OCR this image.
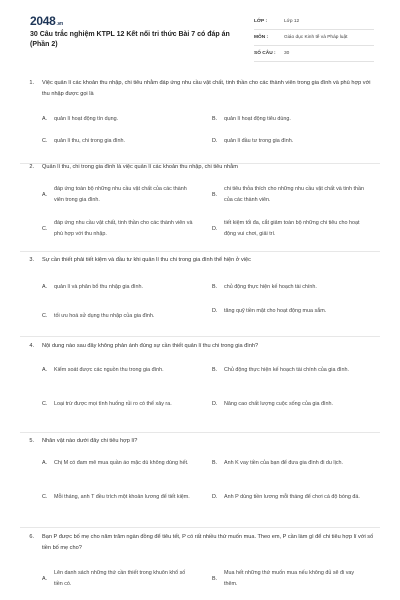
2048.vn
30 Câu trắc nghiệm KTPL 12 Kết nối tri thức Bài 7 có đáp án (Phần 2)
LỚP :	Lớp 12
MÔN :	Giáo dục Kinh tế và Pháp luật
SỐ CÂU :	30
1. Việc quản lí các khoản thu nhập, chi tiêu nhằm đáp ứng nhu cầu vật chất, tinh thần cho các thành viên trong gia đình và phù hợp với thu nhập được gọi là
A.	quản lí hoạt động tín dụng.	B.	quản lí hoạt động tiêu dùng.
C.	quản lí thu, chi trong gia đình.	D.	quản lí đầu tư trong gia đình.
2. Quản lí thu, chi trong gia đình là việc quản lí các khoản thu nhập, chi tiêu nhằm
A.
đáp ứng toàn bộ những nhu cầu vật chất của các thành viên trong gia đình.
B.
chi tiêu thỏa thích cho những nhu cầu vật chất và tinh thần của các thành viên.
C.
đáp ứng nhu cầu vật chất, tinh thần cho các thành viên và phù hợp với thu nhập.
D.
tiết kiệm tối đa, cắt giảm toàn bộ những chi tiêu cho hoạt động vui chơi, giải trí.
3. Sự cần thiết phải tiết kiệm và đầu tư khi quản lí thu chi trong gia đình thể hiện ở việc
A.	quản lí và phân bổ thu nhập gia đình.	B.	chủ động thực hiện kế hoạch tài chính.
C.	tối ưu hoá sử dụng thu nhập của gia đình.
D.	tăng quỹ tiền mặt cho hoạt động mua sắm.
4. Nội dung nào sau đây không phản ánh đúng sự cần thiết quản lí thu chi trong gia đình?
A.	Kiểm soát được các nguồn thu trong gia đình.	B.	Chủ động thực hiện kế hoạch tài chính của gia đình.
C.	Loại trừ được mọi tình huống rủi ro có thể xảy ra.	D.	Nâng cao chất lượng cuộc sống của gia đình.
5. Nhân vật nào dưới đây chi tiêu hợp lí?
A.	Chị M có đam mê mua quần áo mặc dù không dùng hết.	B.	Anh K vay tiền của bạn để đưa gia đình đi du lịch.
C.	Mỗi tháng, anh T đều trích một khoản lương để tiết kiệm.	D.	Anh P dùng tiền lương mỗi tháng để chơi cá độ bóng đá.
6. Bạn P được bố mẹ cho năm trăm ngàn đồng để tiêu tết, P có rất nhiều thứ muốn mua. Theo em, P cần làm gì để chi tiêu hợp lí với số tiền bố mẹ cho?
A.
Lên danh sách những thứ cần thiết trong khuôn khổ số tiền có.
B.
Mua hết những thứ muốn mua nếu không đủ sẽ đi vay thêm.
